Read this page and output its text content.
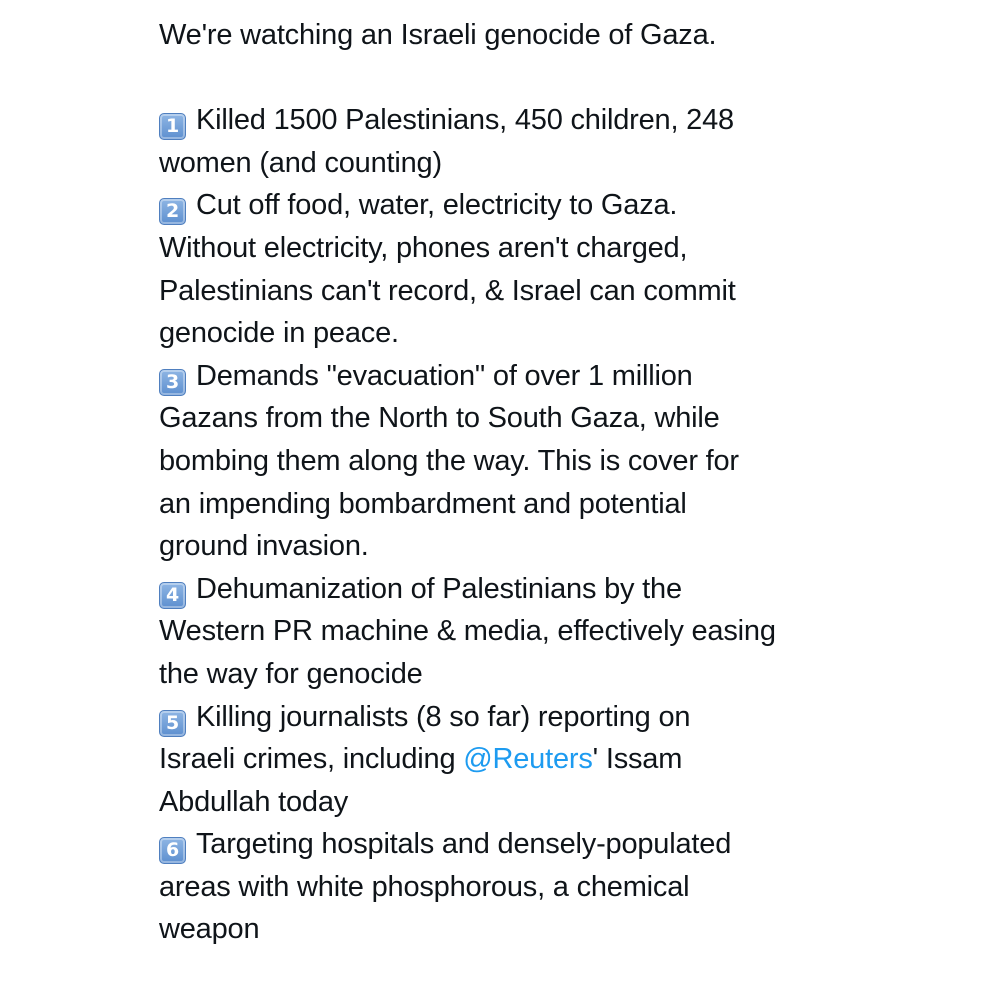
We're watching an Israeli genocide of Gaza.
1 Killed 1500 Palestinians, 450 children, 248
women (and counting)
2 Cut off food, water, electricity to Gaza.
Without electricity, phones aren't charged,
Palestinians can't record, & Israel can commit
genocide in peace.
3 Demands "evacuation" of over 1 million
Gazans from the North to South Gaza, while
bombing them along the way. This is cover for
an impending bombardment and potential
ground invasion.
4 Dehumanization of Palestinians by the
Western PR machine & media, effectively easing
the way for genocide
5 Killing journalists (8 so far) reporting on
Israeli crimes, including @Reuters' Issam
Abdullah today
6 Targeting hospitals and densely-populated
areas with white phosphorous, a chemical
weapon
